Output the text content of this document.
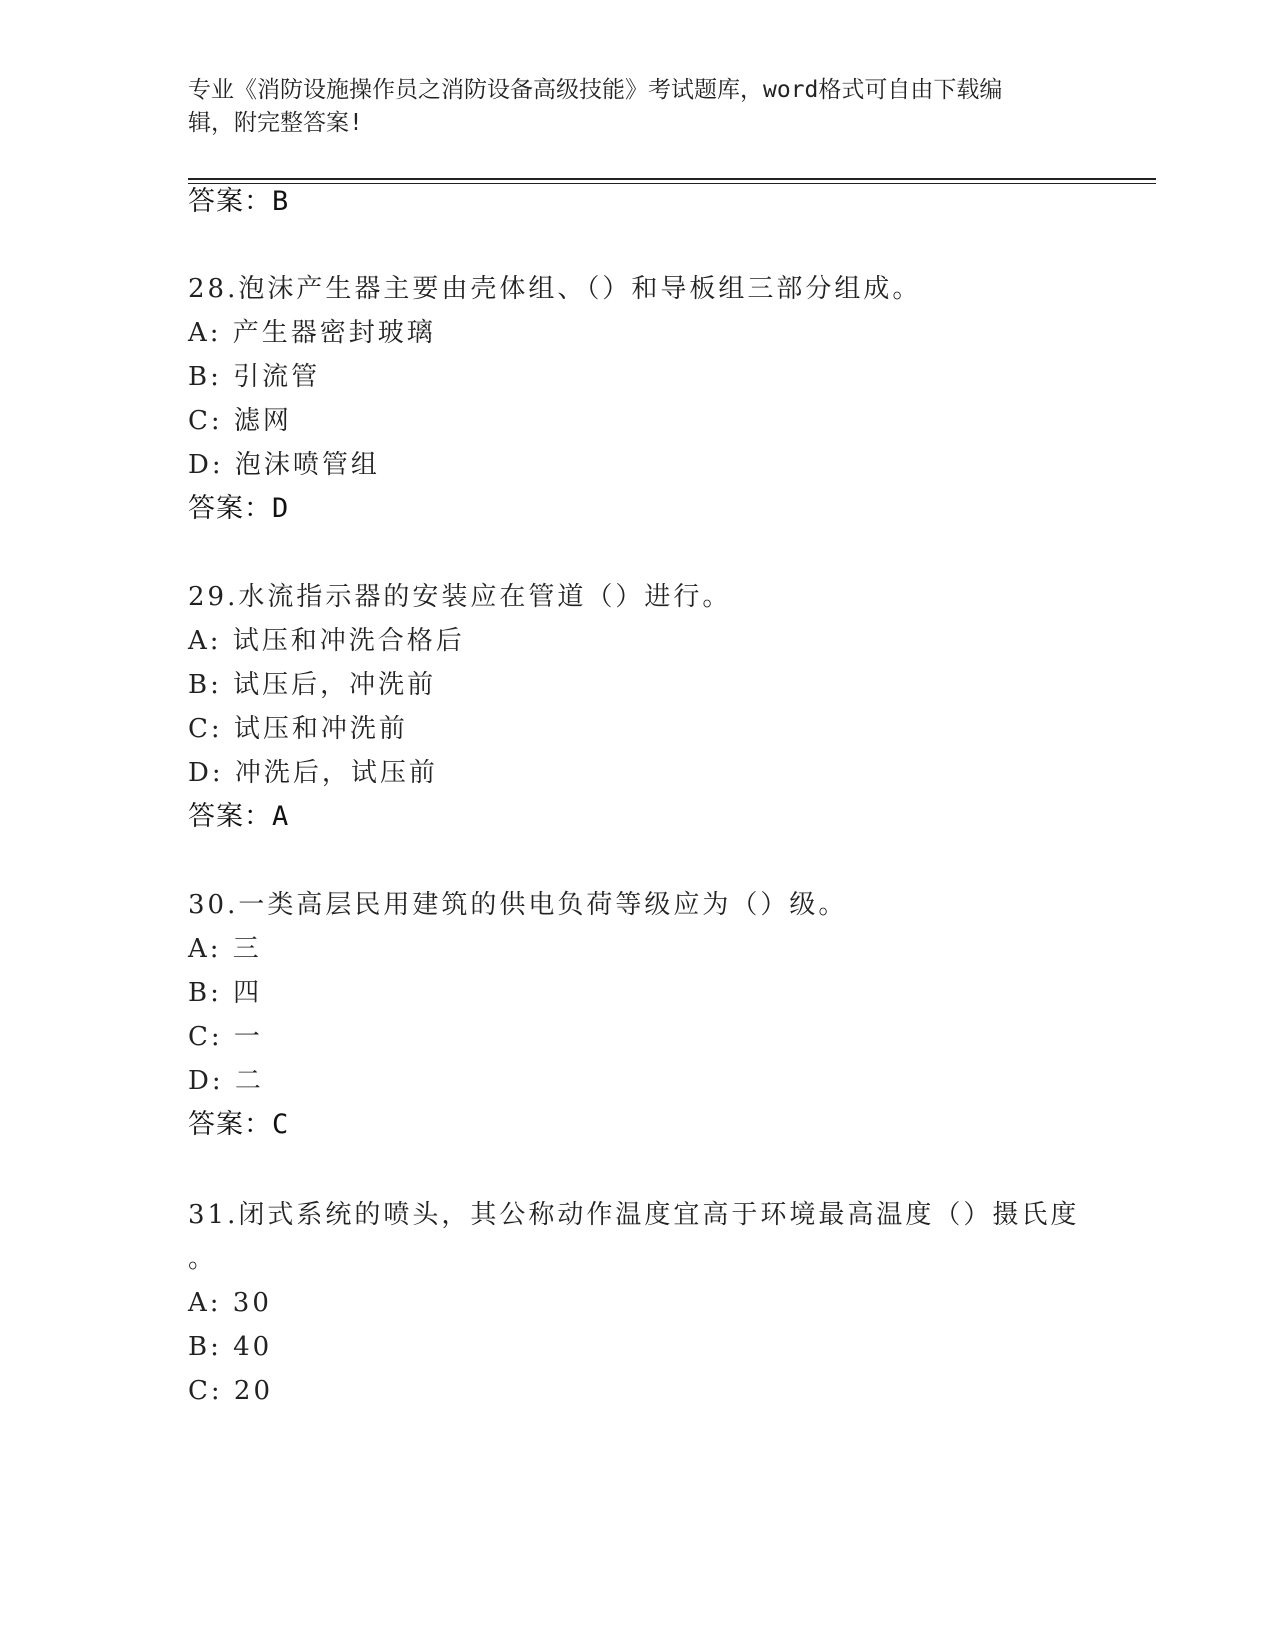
专业《消防设施操作员之消防设备高级技能》考试题库，word格式可自由下载编
辑，附完整答案!
答案：B
28.泡沫产生器主要由壳体组、（）和导板组三部分组成。
A: 产生器密封玻璃
B: 引流管
C: 滤网
D: 泡沫喷管组
答案：D
29.水流指示器的安装应在管道（）进行。
A: 试压和冲洗合格后
B: 试压后，冲洗前
C: 试压和冲洗前
D: 冲洗后，试压前
答案：A
30.一类高层民用建筑的供电负荷等级应为（）级。
A: 三
B: 四
C: 一
D: 二
答案：C
31.闭式系统的喷头，其公称动作温度宜高于环境最高温度（）摄氏度
。
A: 30
B: 40
C: 20
